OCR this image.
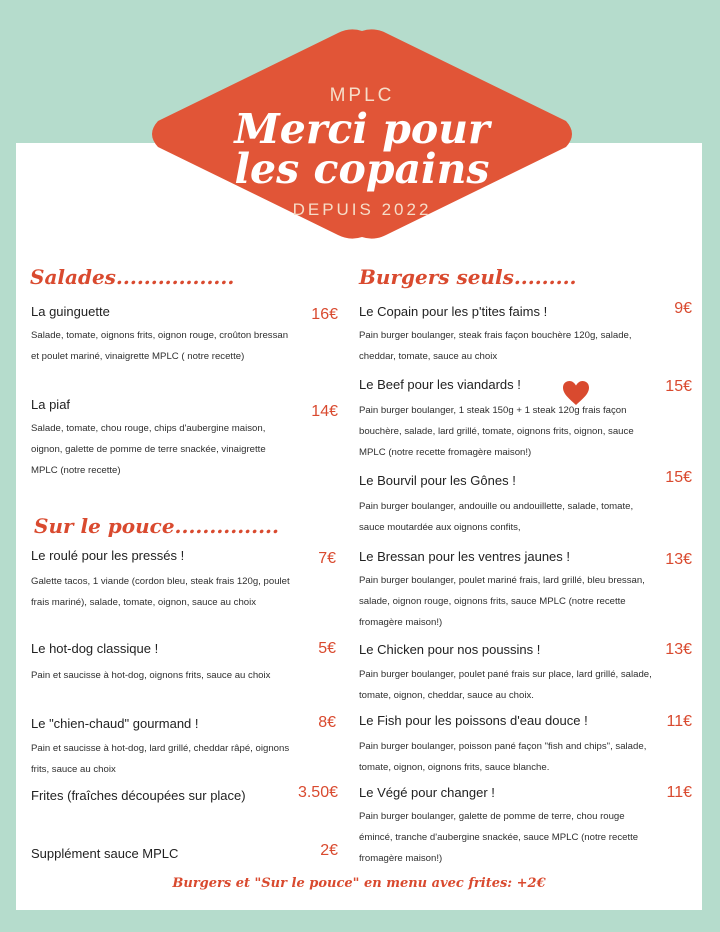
MPLC
Merci pour
les copains
DEPUIS 2022
Salades.................
Sur le pouce...............
Burgers seuls.........
La guinguette	16€
Salade, tomate, oignons frits, oignon rouge, croûton bressan et poulet mariné, vinaigrette MPLC ( notre recette)
La piaf	14€
Salade, tomate, chou rouge, chips d'aubergine maison, oignon, galette de pomme de terre snackée, vinaigrette MPLC (notre recette)
Le roulé pour les pressés !	7€
Galette tacos, 1 viande (cordon bleu, steak frais 120g, poulet frais mariné), salade, tomate, oignon, sauce au choix
Le hot-dog classique !	5€
Pain et saucisse à hot-dog, oignons frits, sauce au choix
Le "chien-chaud" gourmand !	8€
Pain et saucisse à hot-dog, lard grillé, cheddar râpé, oignons frits, sauce au choix
Frites (fraîches découpées sur place)	3.50€
Supplément sauce MPLC	2€
Le Copain pour les p'tites faims !	9€
Pain burger boulanger, steak frais façon bouchère 120g, salade, cheddar, tomate, sauce au choix
Le Beef pour les viandards !	15€
Pain burger boulanger, 1 steak 150g + 1 steak 120g frais façon bouchère, salade, lard grillé, tomate, oignons frits, oignon, sauce MPLC (notre recette fromagère maison!)
Le Bourvil pour les Gônes !	15€
Pain burger boulanger, andouille ou andouillette, salade, tomate, sauce moutardée aux oignons confits,
Le Bressan pour les ventres jaunes !	13€
Pain burger boulanger, poulet mariné frais, lard grillé, bleu bressan, salade, oignon rouge, oignons frits, sauce MPLC (notre recette fromagère maison!)
Le Chicken pour nos poussins !	13€
Pain burger boulanger, poulet pané frais sur place, lard grillé, salade, tomate, oignon, cheddar, sauce au choix.
Le Fish pour les poissons d'eau douce !	11€
Pain burger boulanger, poisson pané façon "fish and chips", salade, tomate, oignon, oignons frits, sauce blanche.
Le Végé pour changer !	11€
Pain burger boulanger, galette de pomme de terre, chou rouge émincé, tranche d'aubergine snackée, sauce MPLC (notre recette fromagère maison!)
Burgers et "Sur le pouce" en menu avec frites: +2€
